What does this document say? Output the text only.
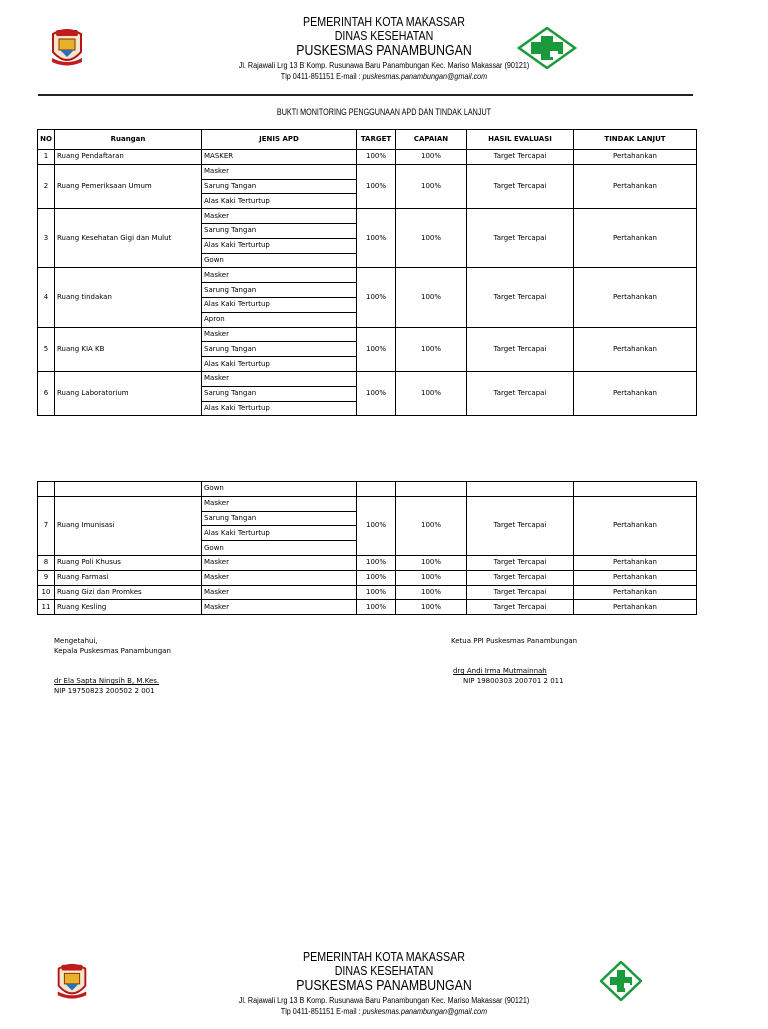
PEMERINTAH KOTA MAKASSAR
DINAS KESEHATAN
PUSKESMAS PANAMBUNGAN
Jl. Rajawali Lrg 13 B Komp. Rusunawa Baru Panambungan Kec. Mariso Makassar (90121)
Tlp 0411-851151 E-mail : puskesmas.panambungan@gmail.com
BUKTI MONITORING PENGGUNAAN APD DAN TINDAK LANJUT
NO	Ruangan	JENIS APD	TARGET	CAPAIAN	HASIL EVALUASI	TINDAK LANJUT
1	Ruang Pendaftaran	MASKER	100%	100%	Target Tercapai	Pertahankan
2	Ruang Pemeriksaan Umum	Masker	100%	100%	Target Tercapai	Pertahankan
		Sarung Tangan				
		Alas Kaki Terturtup				
3	Ruang Kesehatan Gigi dan Mulut	Masker	100%	100%	Target Tercapai	Pertahankan
		Sarung Tangan				
		Alas Kaki Terturtup				
		Gown				
4	Ruang tindakan	Masker	100%	100%	Target Tercapai	Pertahankan
		Sarung Tangan				
		Alas Kaki Terturtup				
		Apron				
5	Ruang KIA KB	Masker	100%	100%	Target Tercapai	Pertahankan
		Sarung Tangan				
		Alas Kaki Terturtup				
6	Ruang Laboratorium	Masker	100%	100%	Target Tercapai	Pertahankan
		Sarung Tangan				
		Alas Kaki Terturtup				
		Gown				
7	Ruang Imunisasi	Masker	100%	100%	Target Tercapai	Pertahankan
		Sarung Tangan				
		Alas Kaki Terturtup				
		Gown				
8	Ruang Poli Khusus	Masker	100%	100%	Target Tercapai	Pertahankan
9	Ruang Farmasi	Masker	100%	100%	Target Tercapai	Pertahankan
10	Ruang Gizi dan Promkes	Masker	100%	100%	Target Tercapai	Pertahankan
11	Ruang Kesling	Masker	100%	100%	Target Tercapai	Pertahankan
Mengetahui,
Kepala Puskesmas Panambungan
dr Ela Sapta Ningsih B, M.Kes.
NIP 19750823 200502 2 001
Ketua PPI Puskesmas Panambungan
drg Andi Irma Mutmainnah
NIP 19800303 200701 2 011
PEMERINTAH KOTA MAKASSAR
DINAS KESEHATAN
PUSKESMAS PANAMBUNGAN
Jl. Rajawali Lrg 13 B Komp. Rusunawa Baru Panambungan Kec. Mariso Makassar (90121)
Tlp 0411-851151 E-mail : puskesmas.panambungan@gmail.com
